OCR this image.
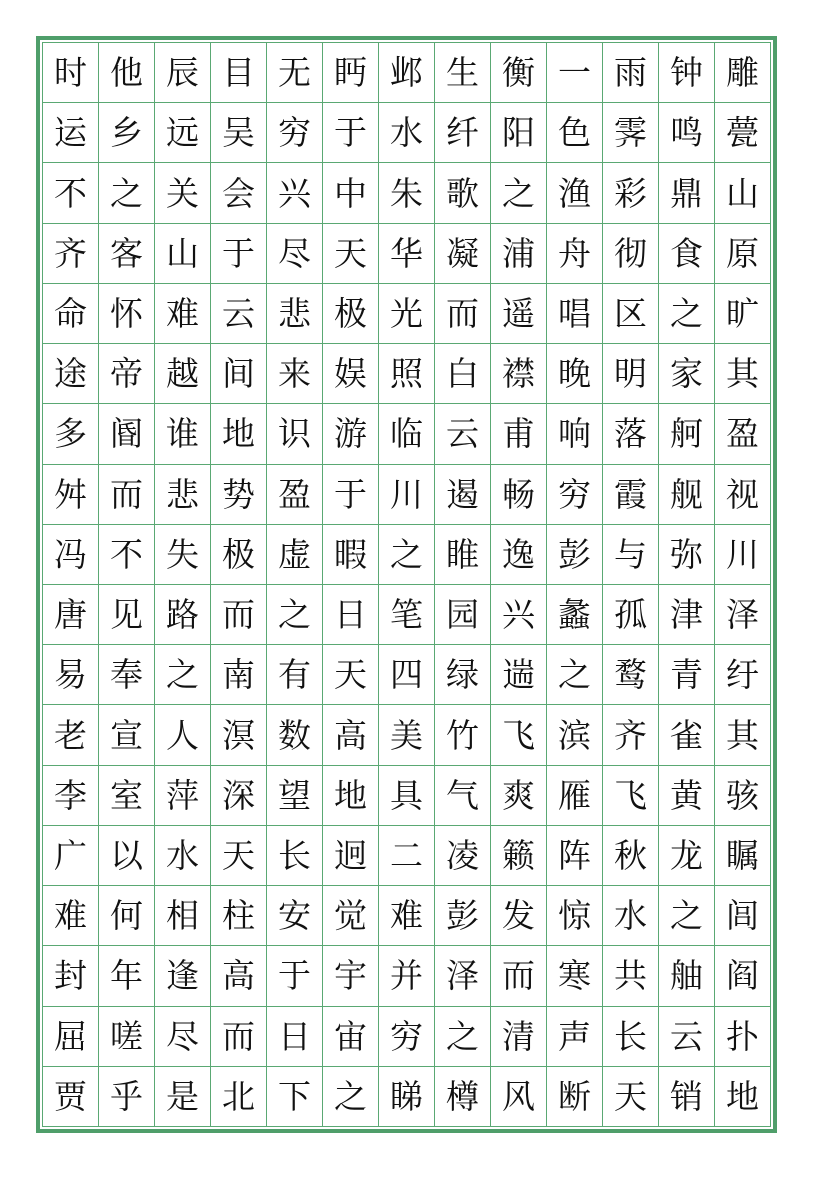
时 他 辰 目 无 眄 邺 生 衡 一 雨 钟 雕
运 乡 远 吴 穷 于 水 纤 阳 色 霁 鸣 甍
不 之 关 会 兴 中 朱 歌 之 渔 彩 鼎 山
齐 客 山 于 尽 天 华 凝 浦 舟 彻 食 原
命 怀 难 云 悲 极 光 而 遥 唱 区 之 旷
途 帝 越 间 来 娱 照 白 襟 晚 明 家 其
多 阍 谁 地 识 游 临 云 甫 响 落 舸 盈
舛 而 悲 势 盈 于 川 遏 畅 穷 霞 舰 视
冯 不 失 极 虚 暇 之 睢 逸 彭 与 弥 川
唐 见 路 而 之 日 笔 园 兴 蠡 孤 津 泽
易 奉 之 南 有 天 四 绿 遄 之 鹜 青 纡
老 宣 人 溟 数 高 美 竹 飞 滨 齐 雀 其
李 室 萍 深 望 地 具 气 爽 雁 飞 黄 骇
广 以 水 天 长 迥 二 凌 籁 阵 秋 龙 瞩
难 何 相 柱 安 觉 难 彭 发 惊 水 之 闾
封 年 逢 高 于 宇 并 泽 而 寒 共 舳 阎
屈 嗟 尽 而 日 宙 穷 之 清 声 长 云 扑
贾 乎 是 北 下 之 睇 樽 风 断 天 销 地
